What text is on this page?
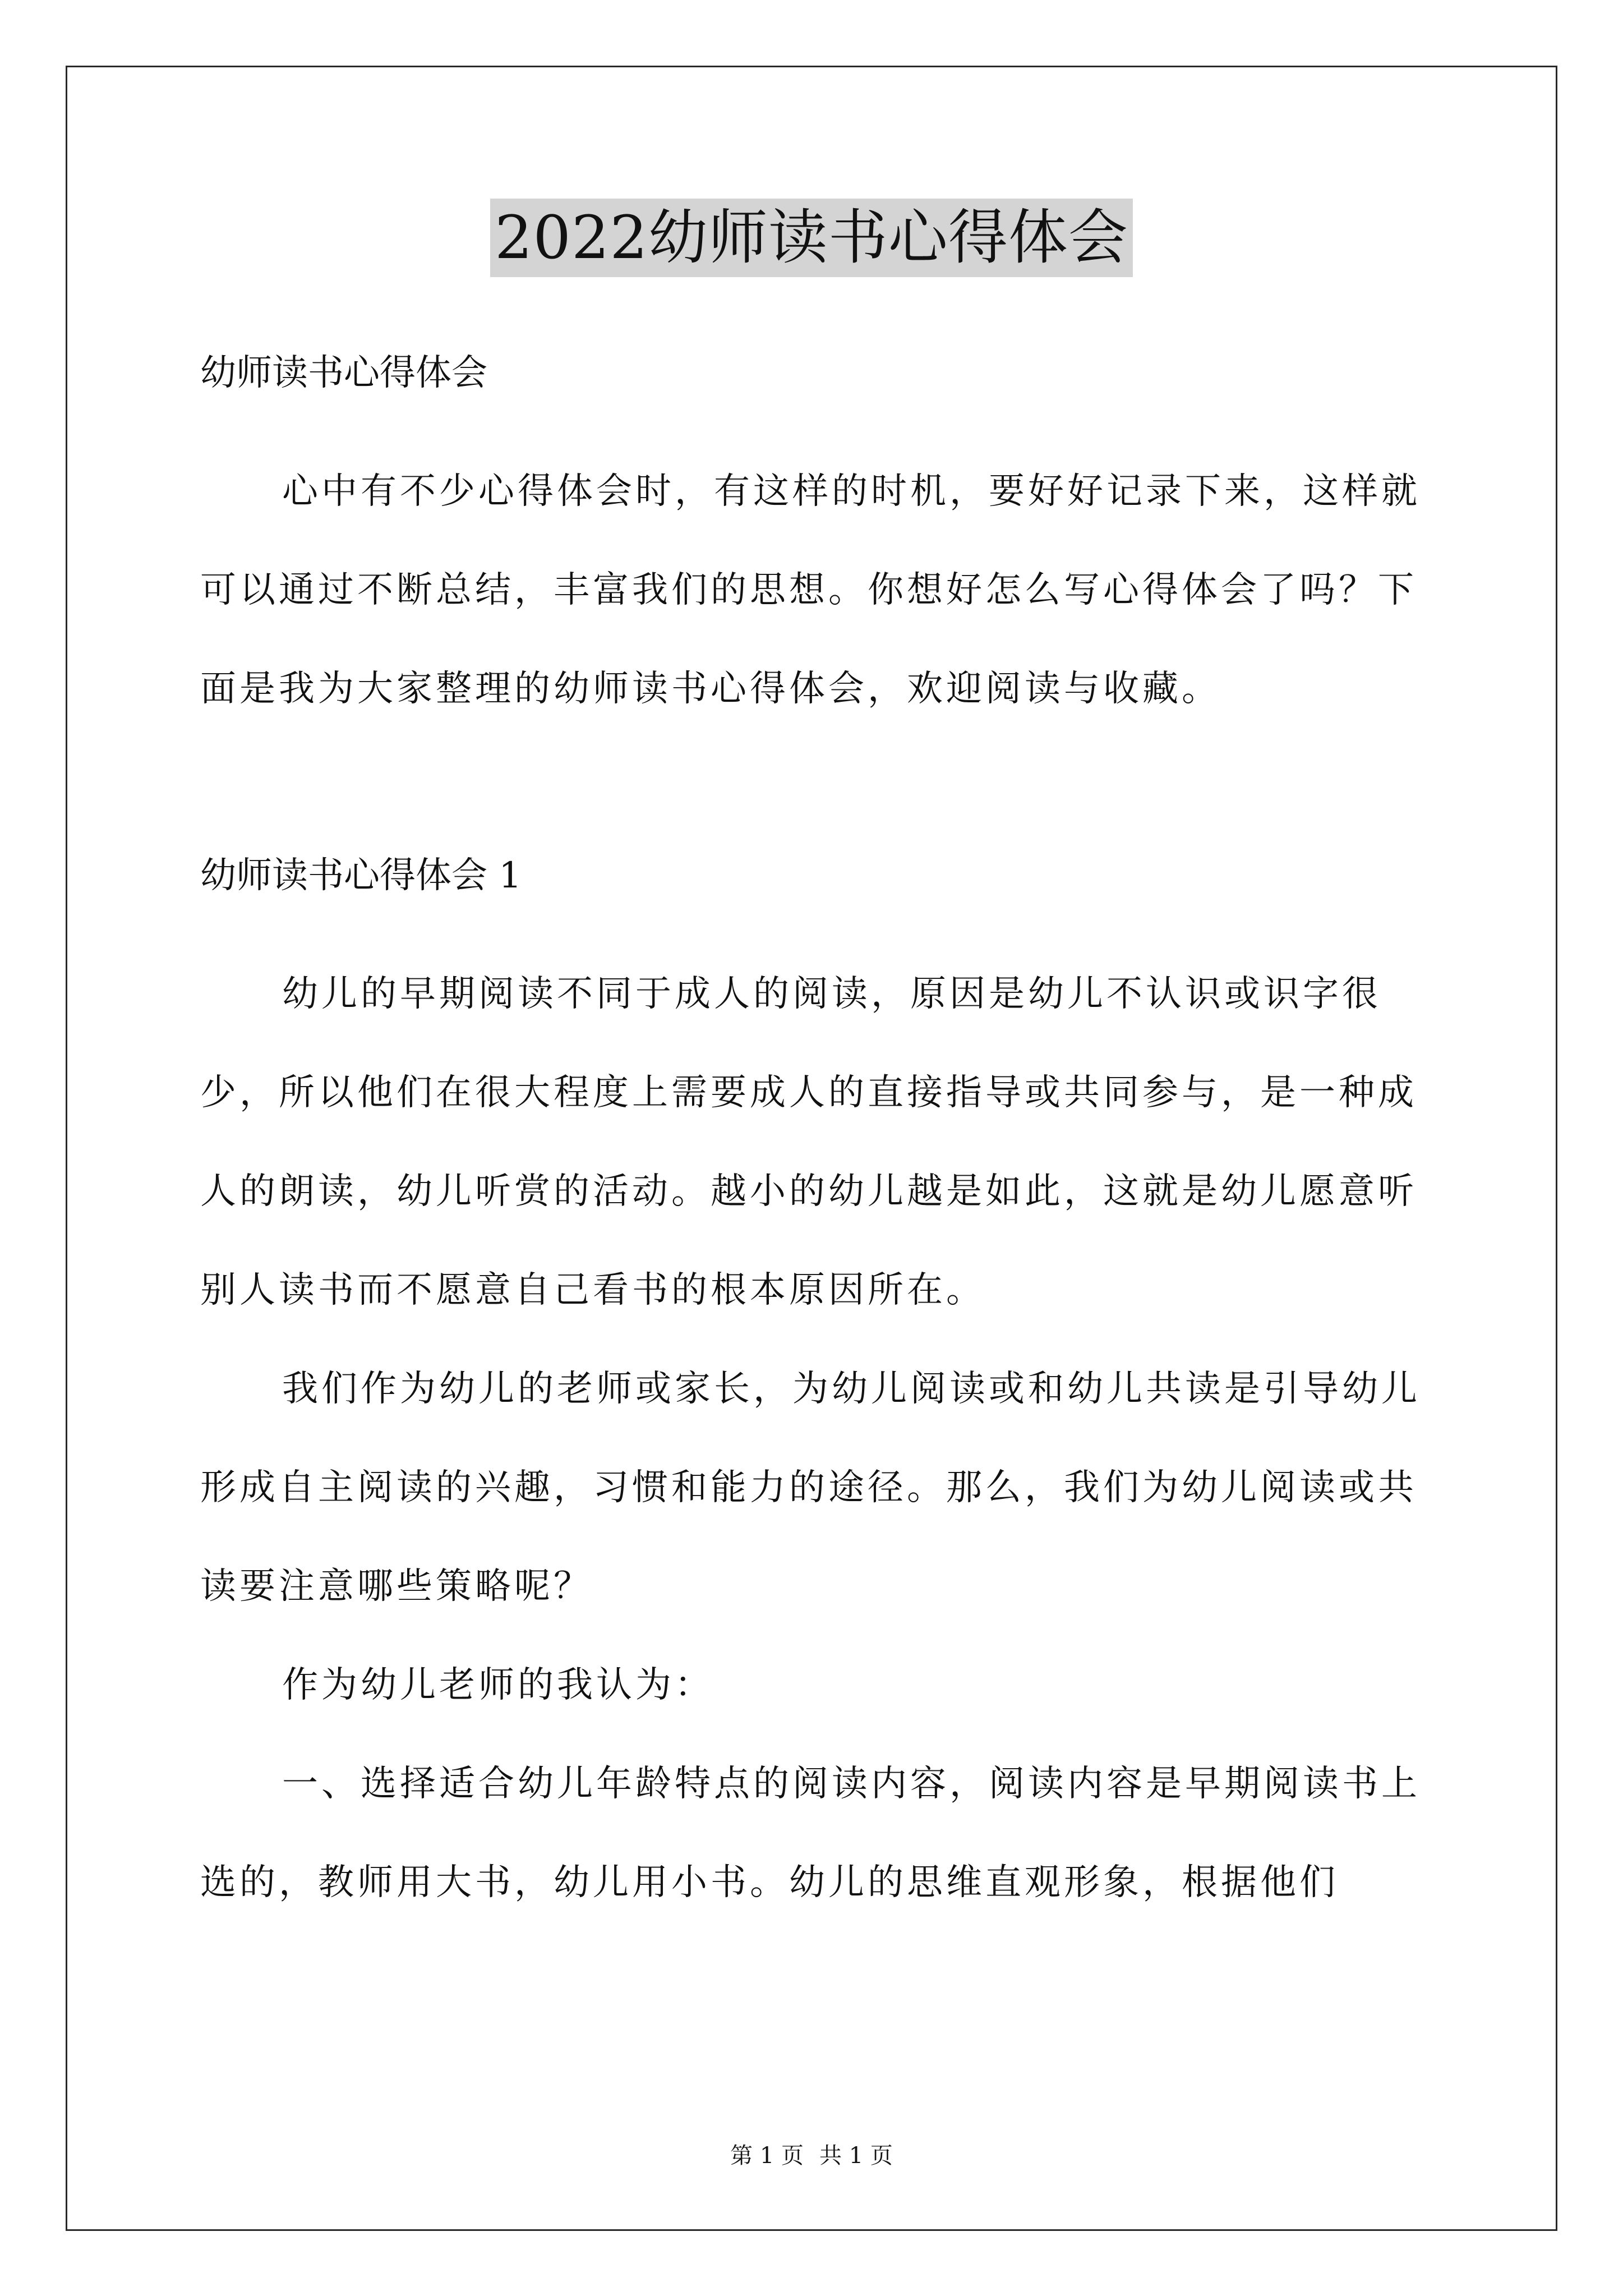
2022幼师读书心得体会

幼师读书心得体会

心中有不少心得体会时，有这样的时机，要好好记录下来，这样就可以通过不断总结，丰富我们的思想。你想好怎么写心得体会了吗？下面是我为大家整理的幼师读书心得体会，欢迎阅读与收藏。

幼师读书心得体会 1

幼儿的早期阅读不同于成人的阅读，原因是幼儿不认识或识字很少，所以他们在很大程度上需要成人的直接指导或共同参与，是一种成人的朗读，幼儿听赏的活动。越小的幼儿越是如此，这就是幼儿愿意听别人读书而不愿意自己看书的根本原因所在。

我们作为幼儿的老师或家长，为幼儿阅读或和幼儿共读是引导幼儿形成自主阅读的兴趣，习惯和能力的途径。那么，我们为幼儿阅读或共读要注意哪些策略呢？

作为幼儿老师的我认为：

一、选择适合幼儿年龄特点的阅读内容，阅读内容是早期阅读书上选的，教师用大书，幼儿用小书。幼儿的思维直观形象，根据他们

第 1 页 共 1 页
